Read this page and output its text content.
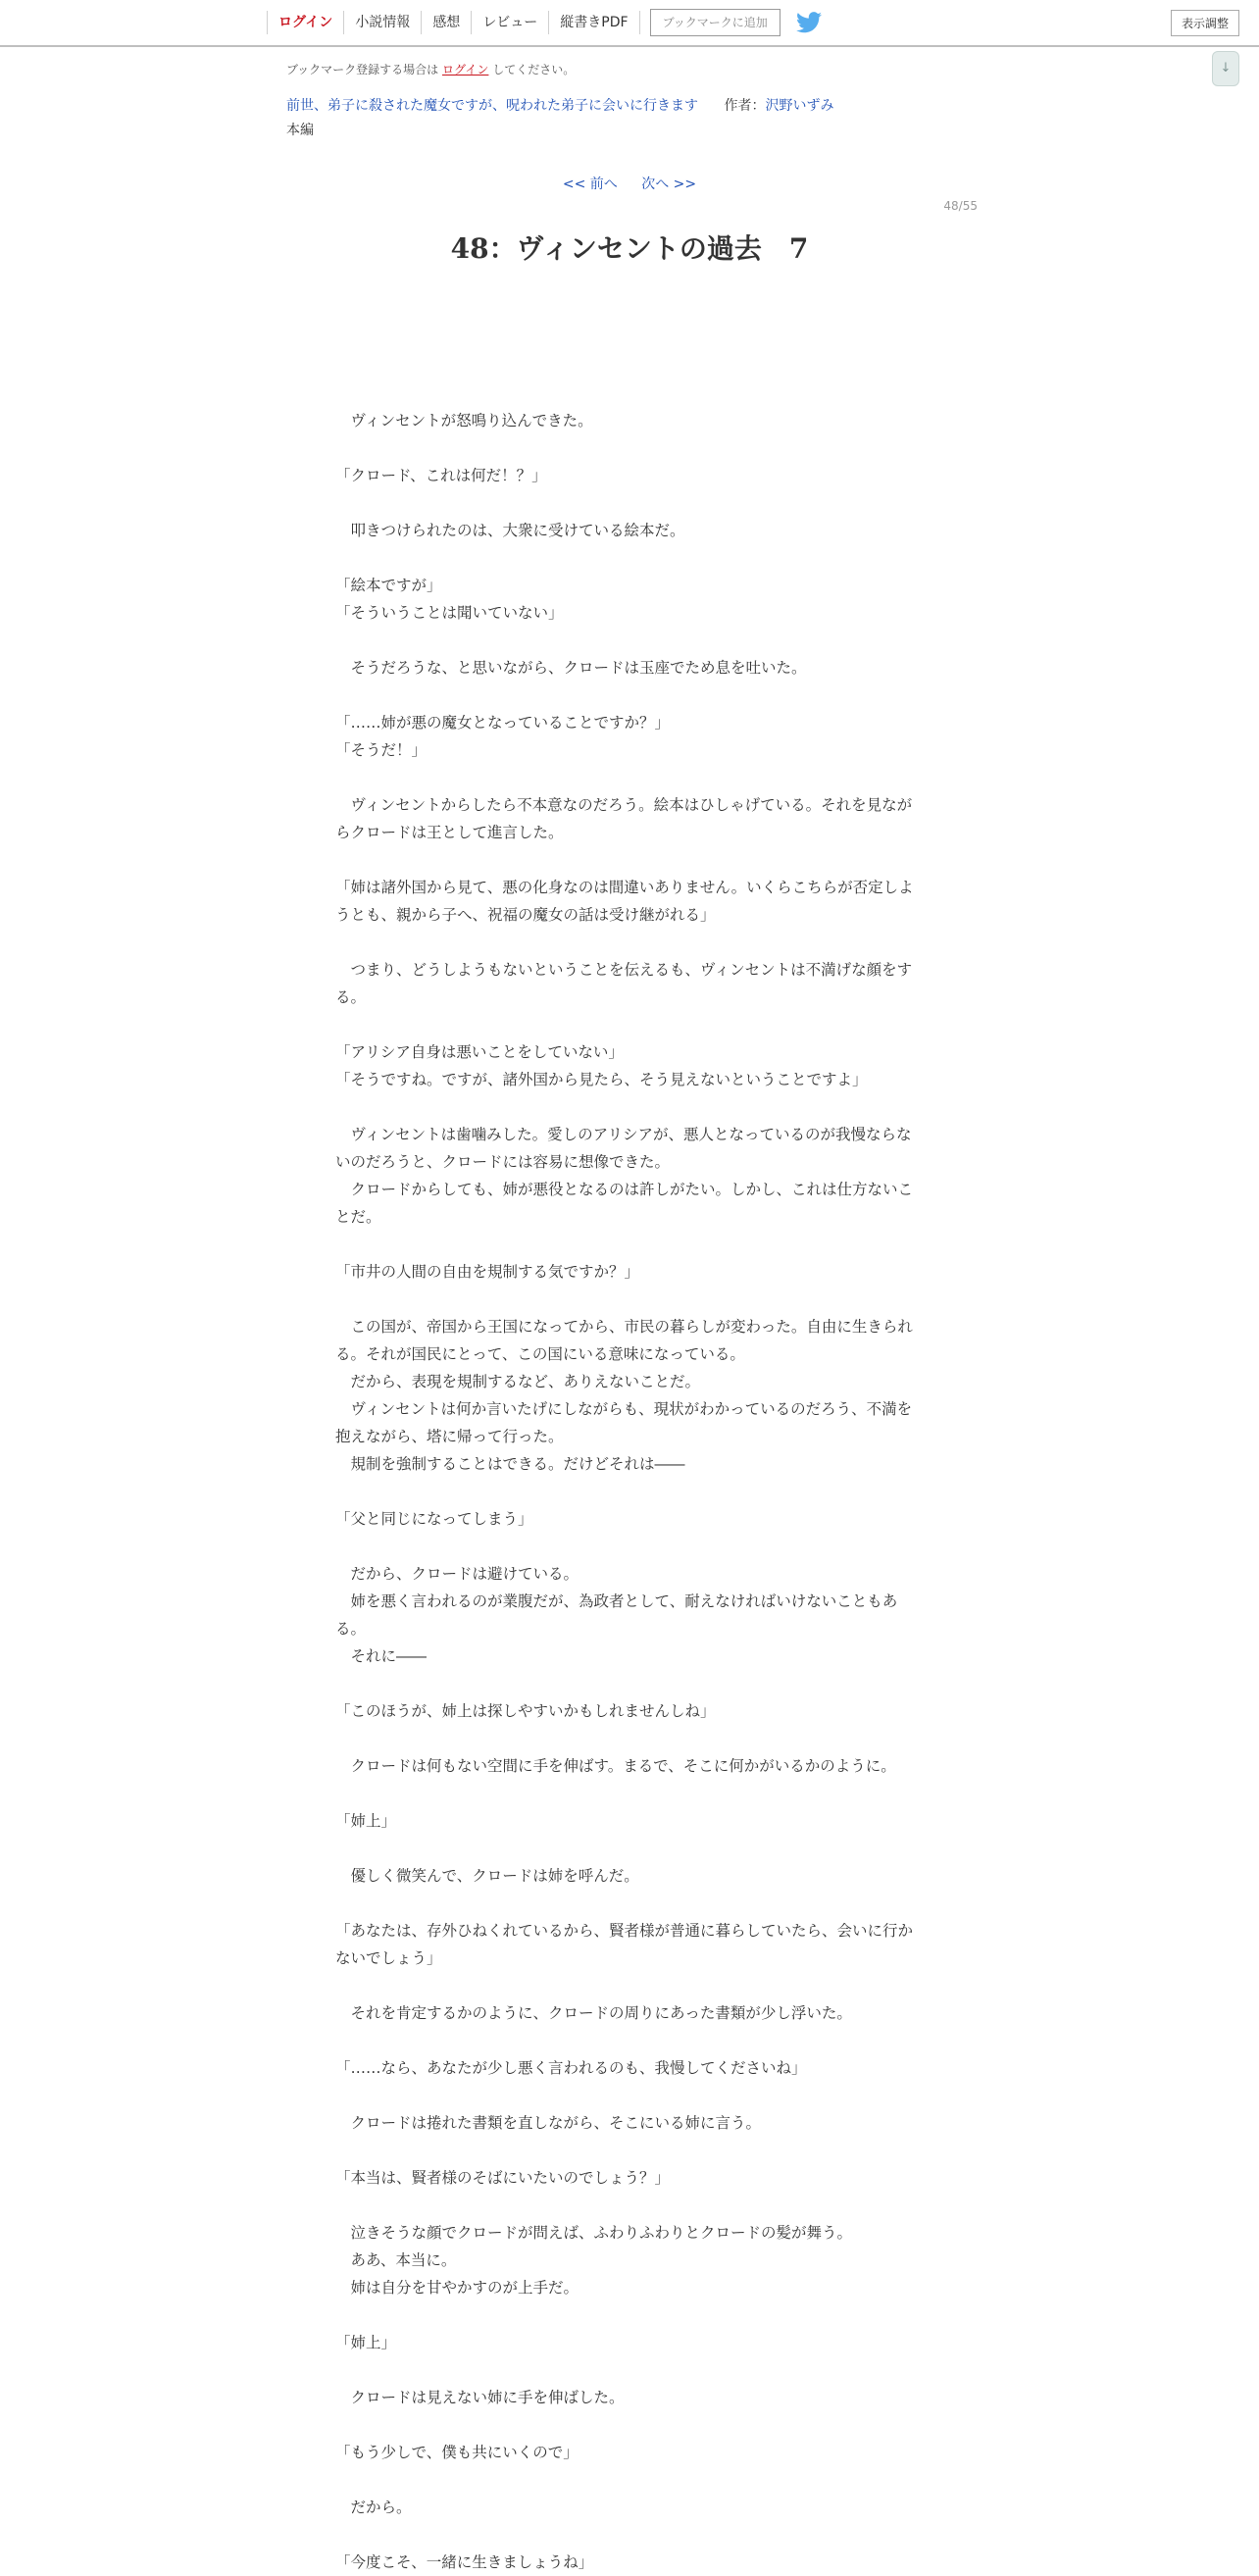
ログイン	小説情報	感想	レビュー	縦書きPDF	ブックマークに追加	表示調整
↓
ブックマーク登録する場合は ログイン してください。
前世、弟子に殺された魔女ですが、呪われた弟子に会いに行きます 作者：沢野いずみ
本編
<< 前へ 次へ >>
48/55
48：ヴィンセントの過去　7

　ヴィンセントが怒鳴り込んできた。

「クロード、これは何だ！？」

　叩きつけられたのは、大衆に受けている絵本だ。

「絵本ですが」

「そういうことは聞いていない」

　そうだろうな、と思いながら、クロードは玉座でため息を吐いた。

「……姉が悪の魔女となっていることですか？」

「そうだ！」

　ヴィンセントからしたら不本意なのだろう。絵本はひしゃげている。それを見ながらクロードは王として進言した。

「姉は諸外国から見て、悪の化身なのは間違いありません。いくらこちらが否定しようとも、親から子へ、祝福の魔女の話は受け継がれる」

　つまり、どうしようもないということを伝えるも、ヴィンセントは不満げな顔をする。

「アリシア自身は悪いことをしていない」

「そうですね。ですが、諸外国から見たら、そう見えないということですよ」

　ヴィンセントは歯噛みした。愛しのアリシアが、悪人となっているのが我慢ならないのだろうと、クロードには容易に想像できた。

　クロードからしても、姉が悪役となるのは許しがたい。しかし、これは仕方ないことだ。

「市井の人間の自由を規制する気ですか？」

　この国が、帝国から王国になってから、市民の暮らしが変わった。自由に生きられる。それが国民にとって、この国にいる意味になっている。

　だから、表現を規制するなど、ありえないことだ。

　ヴィンセントは何か言いたげにしながらも、現状がわかっているのだろう、不満を抱えながら、塔に帰って行った。

　規制を強制することはできる。だけどそれは――

「父と同じになってしまう」

　だから、クロードは避けている。

　姉を悪く言われるのが業腹だが、為政者として、耐えなければいけないこともある。

　それに――

「このほうが、姉上は探しやすいかもしれませんしね」

　クロードは何もない空間に手を伸ばす。まるで、そこに何かがいるかのように。

「姉上」

　優しく微笑んで、クロードは姉を呼んだ。

「あなたは、存外ひねくれているから、賢者様が普通に暮らしていたら、会いに行かないでしょう」

　それを肯定するかのように、クロードの周りにあった書類が少し浮いた。

「……なら、あなたが少し悪く言われるのも、我慢してくださいね」

　クロードは捲れた書類を直しながら、そこにいる姉に言う。

「本当は、賢者様のそばにいたいのでしょう？」

　泣きそうな顔でクロードが問えば、ふわりふわりとクロードの髪が舞う。

　ああ、本当に。

　姉は自分を甘やかすのが上手だ。

「姉上」

　クロードは見えない姉に手を伸ばした。

「もう少しで、僕も共にいくので」

　だから。

「今度こそ、一緒に生きましょうね」
